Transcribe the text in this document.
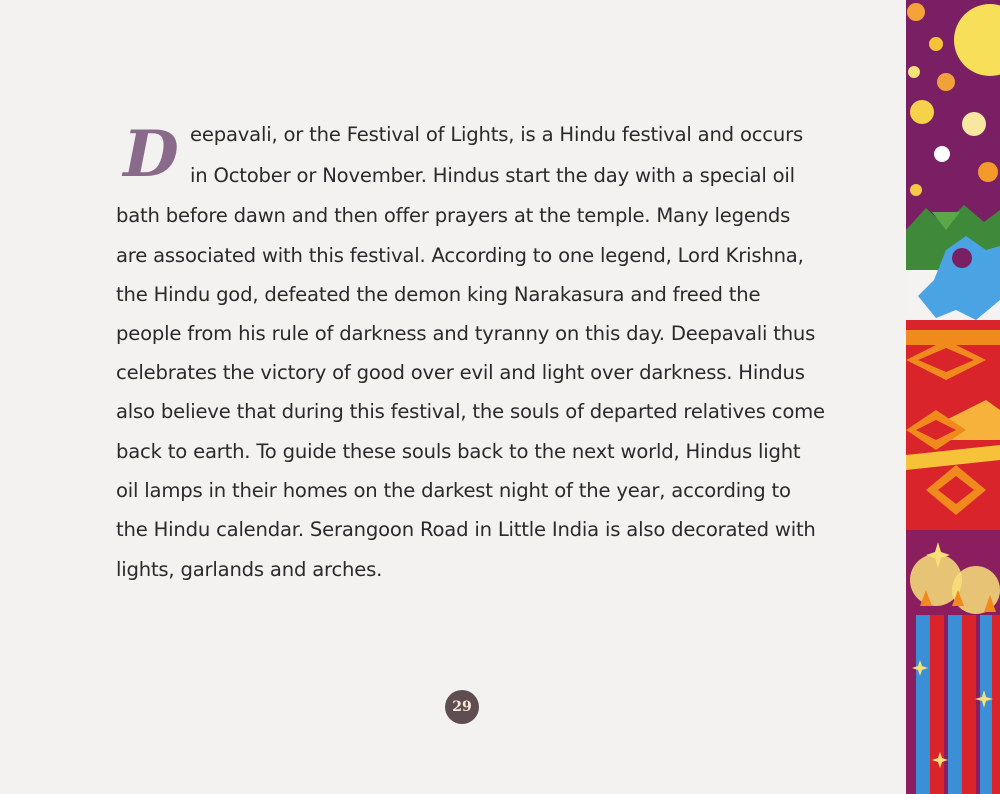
D eepavali, or the Festival of Lights, is a Hindu festival and occurs
in October or November. Hindus start the day with a special oil
bath before dawn and then offer prayers at the temple. Many legends
are associated with this festival. According to one legend, Lord Krishna,
the Hindu god, defeated the demon king Narakasura and freed the
people from his rule of darkness and tyranny on this day. Deepavali thus
celebrates the victory of good over evil and light over darkness. Hindus
also believe that during this festival, the souls of departed relatives come
back to earth. To guide these souls back to the next world, Hindus light
oil lamps in their homes on the darkest night of the year, according to
the Hindu calendar. Serangoon Road in Little India is also decorated with
lights, garlands and arches.
29
